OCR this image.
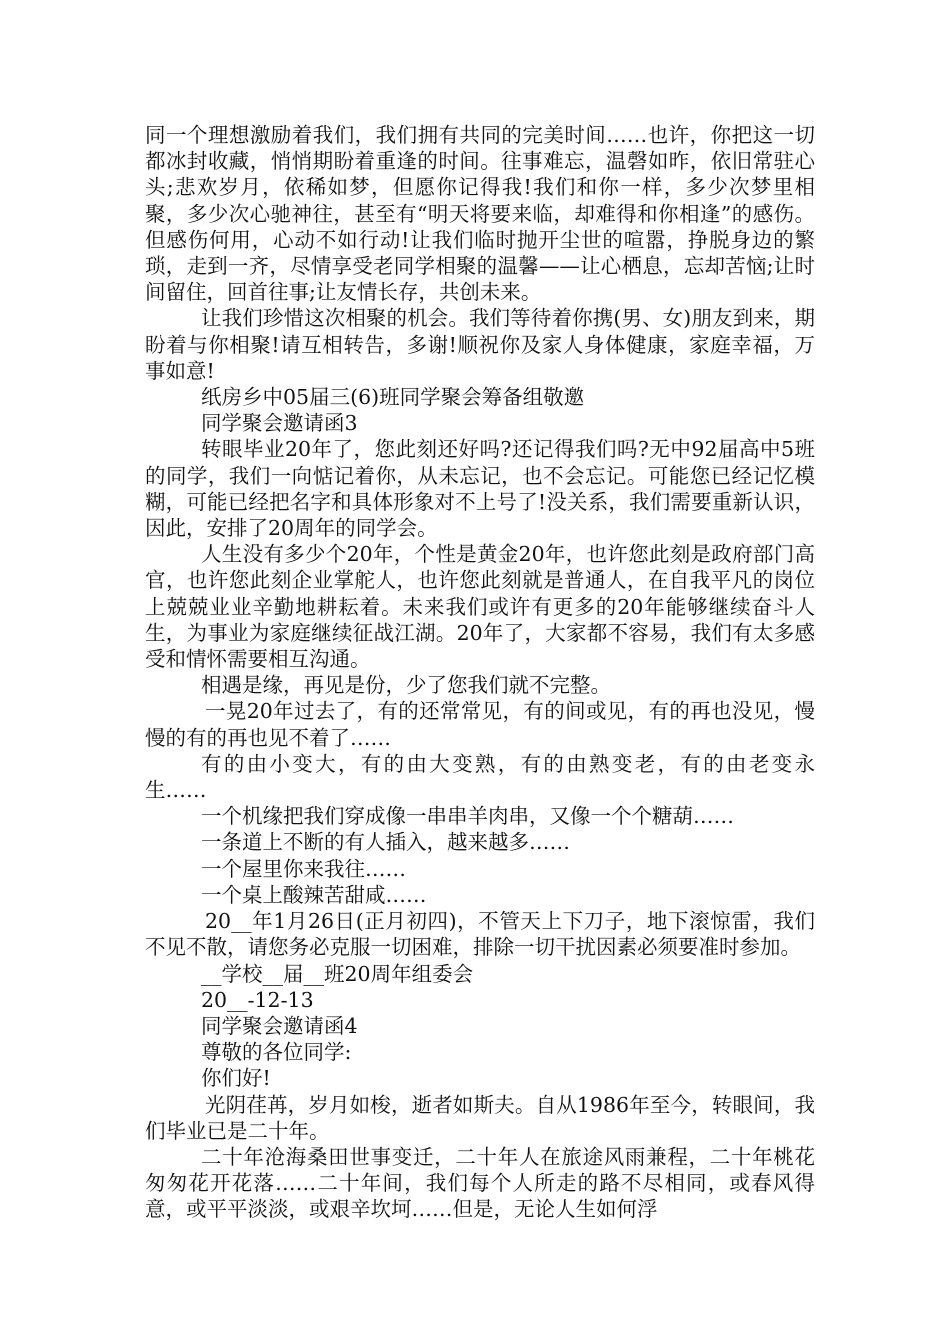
同一个理想激励着我们，我们拥有共同的完美时间……也许，你把这一切都冰封收藏，悄悄期盼着重逢的时间。往事难忘，温磬如昨，依旧常驻心头;悲欢岁月，依稀如梦，但愿你记得我!我们和你一样，多少次梦里相聚，多少次心驰神往，甚至有“明天将要来临，却难得和你相逢”的感伤。但感伤何用，心动不如行动!让我们临时抛开尘世的喧嚣，挣脱身边的繁琐，走到一齐，尽情享受老同学相聚的温馨——让心栖息，忘却苦恼;让时间留住，回首往事;让友情长存，共创未来。

让我们珍惜这次相聚的机会。我们等待着你携(男、女)朋友到来，期盼着与你相聚!请互相转告，多谢!顺祝你及家人身体健康，家庭幸福，万事如意!

纸房乡中05届三(6)班同学聚会筹备组敬邀

同学聚会邀请函3

转眼毕业20年了，您此刻还好吗?还记得我们吗?无中92届高中5班的同学，我们一向惦记着你，从未忘记，也不会忘记。可能您已经记忆模糊，可能已经把名字和具体形象对不上号了!没关系，我们需要重新认识，因此，安排了20周年的同学会。

人生没有多少个20年，个性是黄金20年，也许您此刻是政府部门高官，也许您此刻企业掌舵人，也许您此刻就是普通人，在自我平凡的岗位上兢兢业业辛勤地耕耘着。未来我们或许有更多的20年能够继续奋斗人生，为事业为家庭继续征战江湖。20年了，大家都不容易，我们有太多感受和情怀需要相互沟通。

相遇是缘，再见是份，少了您我们就不完整。

一晃20年过去了，有的还常常见，有的间或见，有的再也没见，慢慢的有的再也见不着了……

有的由小变大，有的由大变熟，有的由熟变老，有的由老变永生……

一个机缘把我们穿成像一串串羊肉串，又像一个个糖葫……

一条道上不断的有人插入，越来越多……

一个屋里你来我往……

一个桌上酸辣苦甜咸……

20__年1月26日(正月初四)，不管天上下刀子，地下滚惊雷，我们不见不散，请您务必克服一切困难，排除一切干扰因素必须要准时参加。

__学校__届__班20周年组委会

20__-12-13

同学聚会邀请函4

尊敬的各位同学:

你们好!

光阴荏苒，岁月如梭，逝者如斯夫。自从1986年至今，转眼间，我们毕业已是二十年。

二十年沧海桑田世事变迁，二十年人在旅途风雨兼程，二十年桃花匆匆花开花落……二十年间，我们每个人所走的路不尽相同，或春风得意，或平平淡淡，或艰辛坎坷……但是，无论人生如何浮
